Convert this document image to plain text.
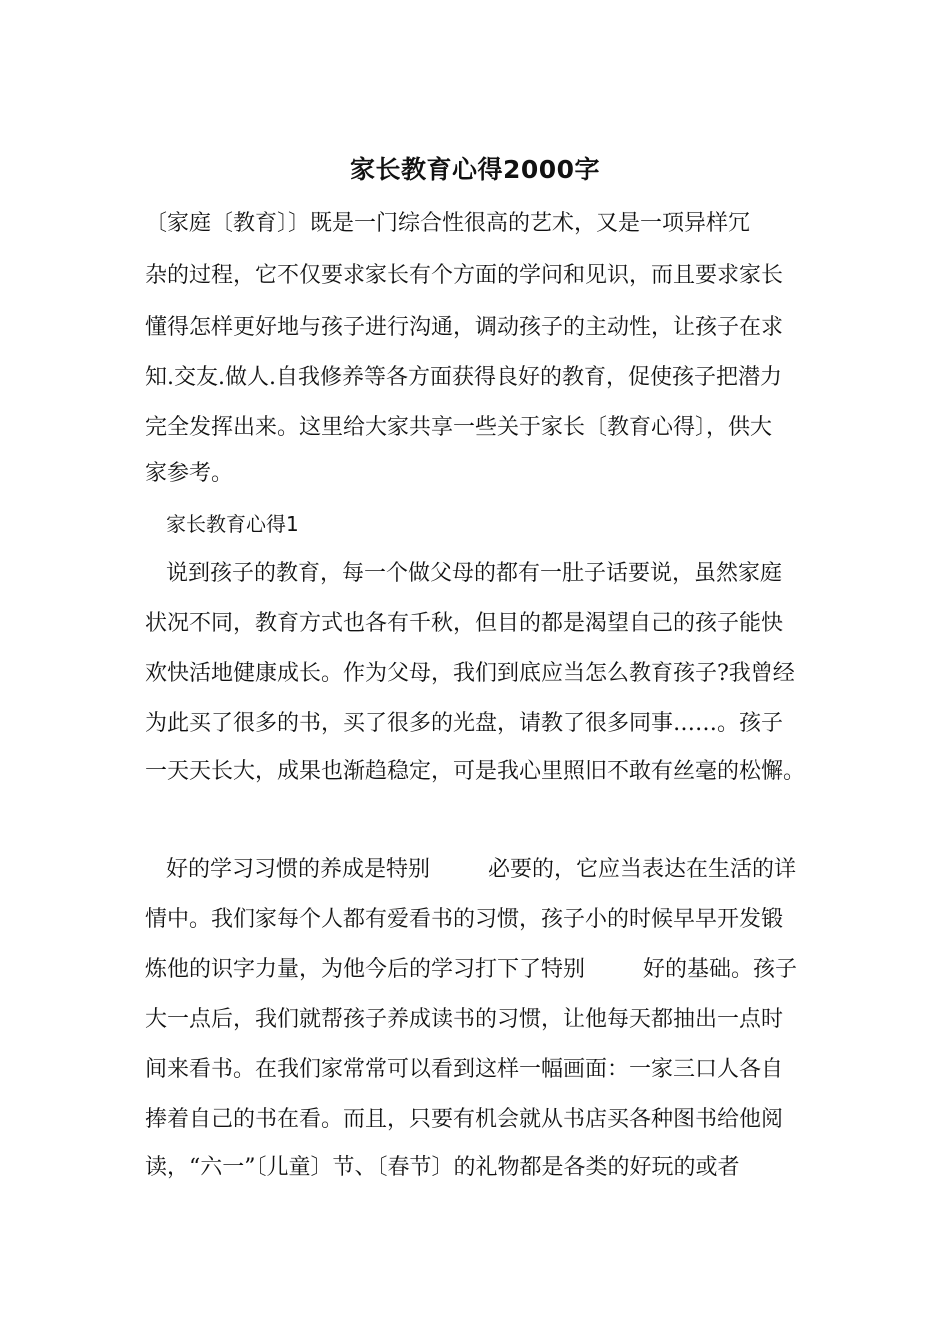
家长教育心得2000字
〔家庭〔教育〕〕既是一门综合性很高的艺术，又是一项异样冗
杂的过程，它不仅要求家长有个方面的学问和见识，而且要求家长
懂得怎样更好地与孩子进行沟通，调动孩子的主动性，让孩子在求
知.交友.做人.自我修养等各方面获得良好的教育，促使孩子把潜力
完全发挥出来。这里给大家共享一些关于家长〔教育心得〕，供大
家参考。
家长教育心得1
说到孩子的教育，每一个做父母的都有一肚子话要说，虽然家庭
状况不同，教育方式也各有千秋，但目的都是渴望自己的孩子能快
欢快活地健康成长。作为父母，我们到底应当怎么教育孩子?我曾经
为此买了很多的书，买了很多的光盘，请教了很多同事……。孩子
一天天长大，成果也渐趋稳定，可是我心里照旧不敢有丝毫的松懈。
好的学习习惯的养成是特别	必要的，它应当表达在生活的详
情中。我们家每个人都有爱看书的习惯，孩子小的时候早早开发锻
炼他的识字力量，为他今后的学习打下了特别	好的基础。孩子
大一点后，我们就帮孩子养成读书的习惯，让他每天都抽出一点时
间来看书。在我们家常常可以看到这样一幅画面：一家三口人各自
捧着自己的书在看。而且，只要有机会就从书店买各种图书给他阅
读，“六一”〔儿童〕节、〔春节〕的礼物都是各类的好玩的或者
